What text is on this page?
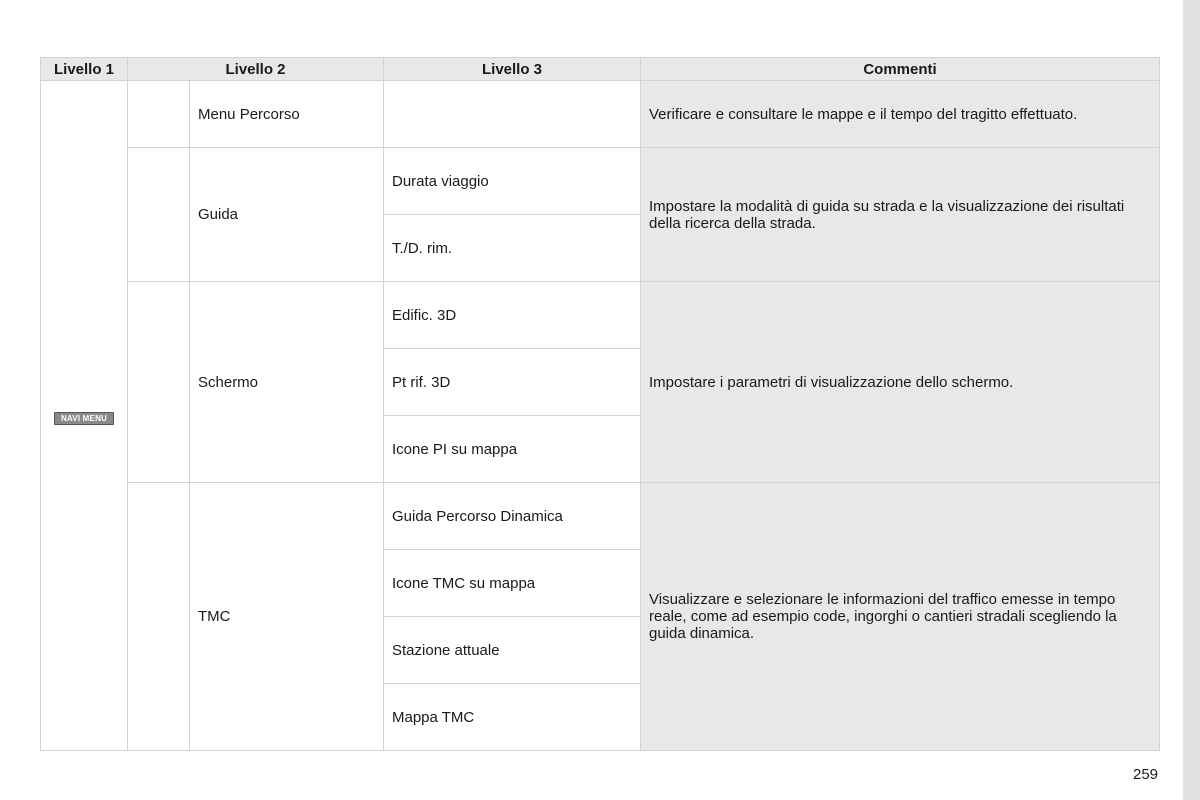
Livello 1	Livello 2		Livello 3	Commenti
NAVI MENU		Menu Percorso		Verificare e consultare le mappe e il tempo del tragitto effettuato.
		Guida	Durata viaggio	Impostare la modalità di guida su strada e la visualizzazione dei risultati della ricerca della strada.
			T./D. rim.	
		Schermo	Edific. 3D	Impostare i parametri di visualizzazione dello schermo.
			Pt rif. 3D	
			Icone PI su mappa	
		TMC	Guida Percorso Dinamica	Visualizzare e selezionare le informazioni del traffico emesse in tempo reale, come ad esempio code, ingorghi o cantieri stradali scegliendo la guida dinamica.
			Icone TMC su mappa	
			Stazione attuale	
			Mappa TMC	
259
